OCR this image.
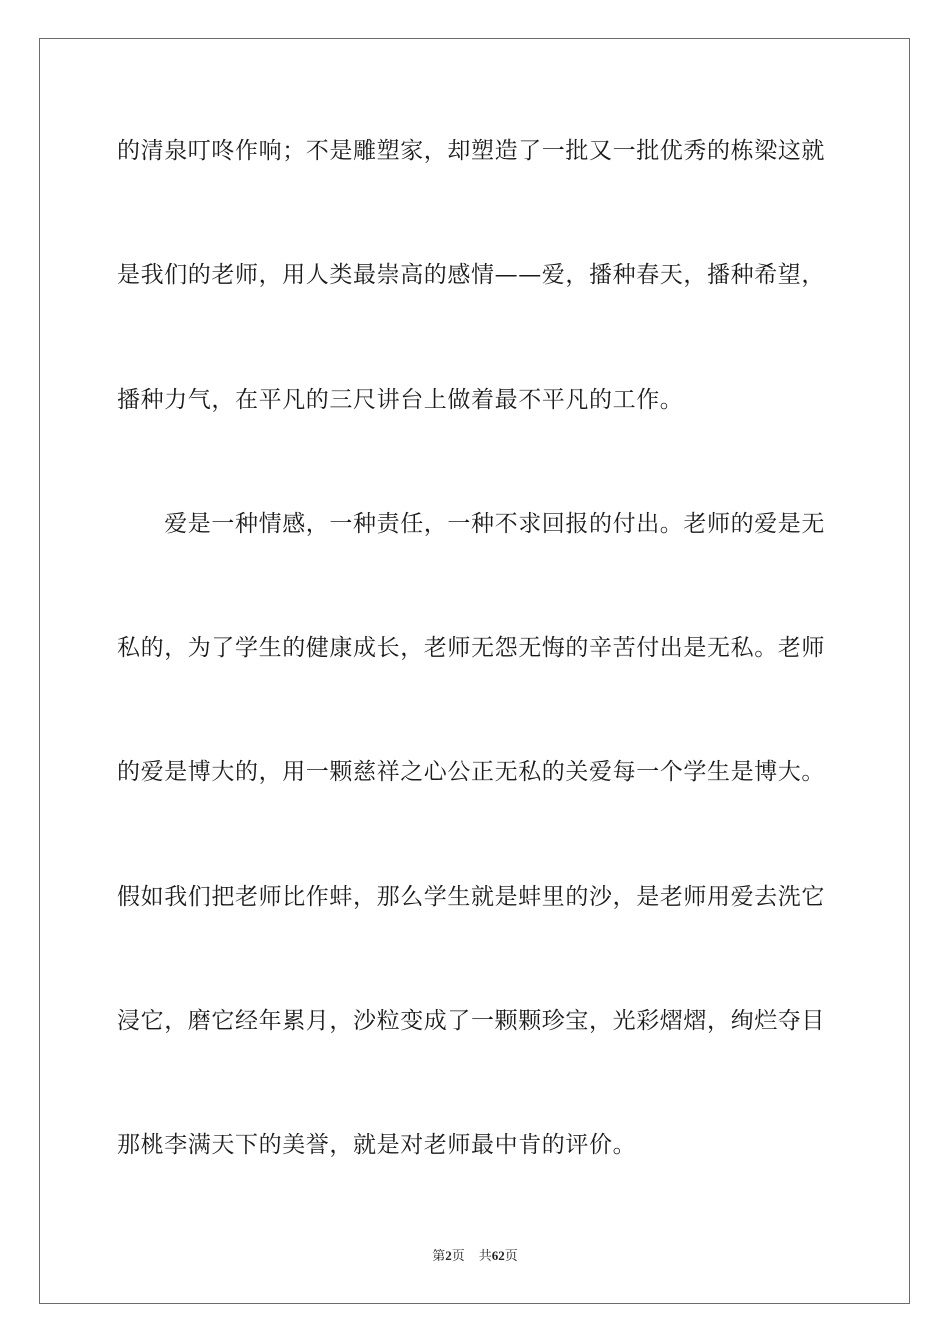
的清泉叮咚作响；不是雕塑家，却塑造了一批又一批优秀的栋梁这就
是我们的老师，用人类最崇高的感情——爱，播种春天，播种希望，
播种力气，在平凡的三尺讲台上做着最不平凡的工作。
　　爱是一种情感，一种责任，一种不求回报的付出。老师的爱是无
私的，为了学生的健康成长，老师无怨无悔的辛苦付出是无私。老师
的爱是博大的，用一颗慈祥之心公正无私的关爱每一个学生是博大。
假如我们把老师比作蚌，那么学生就是蚌里的沙，是老师用爱去洗它
浸它，磨它经年累月，沙粒变成了一颗颗珍宝，光彩熠熠，绚烂夺目
那桃李满天下的美誉，就是对老师最中肯的评价。
第2页 共62页
